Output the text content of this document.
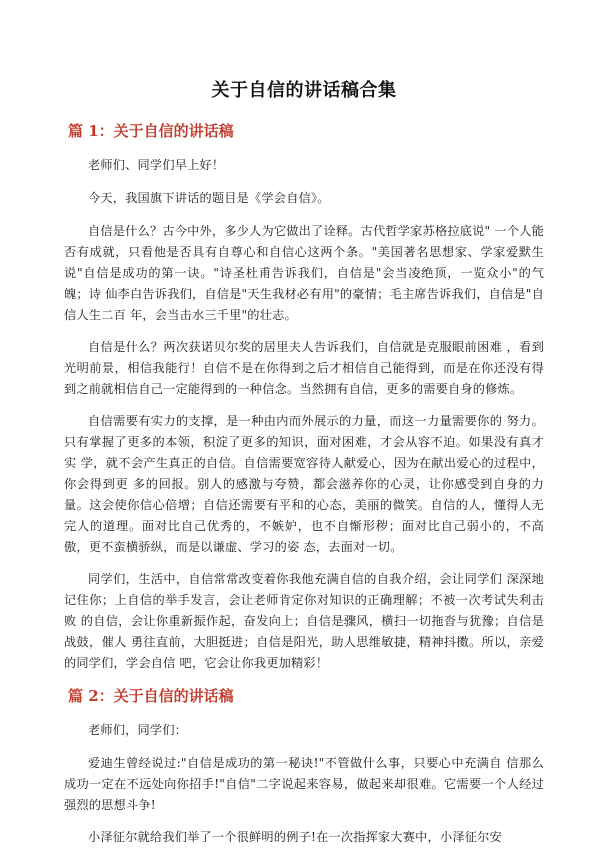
关于自信的讲话稿合集
篇 1：关于自信的讲话稿

老师们、同学们早上好！

今天，我国旗下讲话的题目是《学会自信》。

自信是什么？古今中外，多少人为它做出了诠释。古代哲学家苏格拉底说" 一个人能否有成就，只看他是否具有自尊心和自信心这两个条。"美国著名思想家、学家爱默生 说"自信是成功的第一诀。"诗圣杜甫告诉我们，自信是"会当凌绝顶，一览众小"的气魄；诗 仙李白告诉我们，自信是"天生我材必有用"的豪情；毛主席告诉我们，自信是"自信人生二百 年，会当击水三千里"的壮志。

自信是什么？两次获诺贝尔奖的居里夫人告诉我们，自信就是克服眼前困难 ，看到光明前景，相信我能行！自信不是在你得到之后才相信自己能得到，而是在你还没有得到之前就相信自己一定能得到的一种信念。当然拥有自信，更多的需要自身的修炼。

自信需要有实力的支撑，是一种由内而外展示的力量，而这一力量需要你的 努力。只有掌握了更多的本领，积淀了更多的知识，面对困难，才会从容不迫。如果没有真才实 学，就不会产生真正的自信。自信需要宽容待人献爱心，因为在献出爱心的过程中，你会得到更 多的回报。别人的感激与夸赞，都会滋养你的心灵，让你感受到自身的力量。这会使你信心倍增；自信还需要有平和的心态，美丽的微笑。自信的人，懂得人无完人的道理。面对比自己优秀的，不嫉妒，也不自惭形秽；面对比自己弱小的，不高傲，更不蛮横骄纵，而是以谦虚、学习的姿 态，去面对一切。

同学们，生活中，自信常常改变着你我他充满自信的自我介绍，会让同学们 深深地记住你；上自信的举手发言，会让老师肯定你对知识的正确理解；不被一次考试失利击败 的自信，会让你重新振作起，奋发向上；自信是骤风，横扫一切拖沓与犹豫；自信是战鼓，催人 勇往直前，大胆挺进；自信是阳光，助人思维敏捷，精神抖擞。所以，亲爱的同学们，学会自信 吧，它会让你我更加精彩！

篇 2：关于自信的讲话稿

老师们，同学们：

爱迪生曾经说过:"自信是成功的第一秘诀!"不管做什么事，只要心中充满自 信那么成功一定在不远处向你招手!"自信"二字说起来容易，做起来却很难。它需要一个人经过 强烈的思想斗争!

小泽征尔就给我们举了一个很鲜明的例子!在一次指挥家大赛中，小泽征尔安
